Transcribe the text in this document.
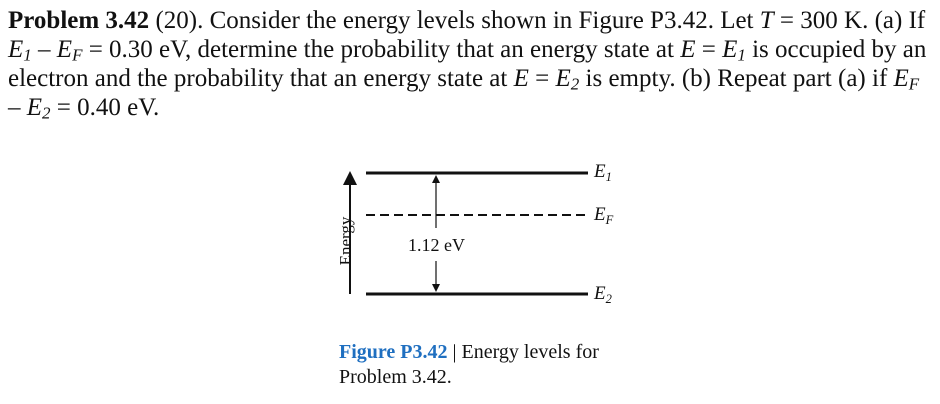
Problem 3.42 (20). Consider the energy levels shown in Figure P3.42. Let T = 300 K. (a) If $E_1 - E_F = 0.30$ eV, determine the probability that an energy state at $E = E_1$ is occupied by an electron and the probability that an energy state at $E = E_2$ is empty. (b) Repeat part (a) if $E_F - E_2 = 0.40$ eV.

$E_1$
$E_F$
$E_2$
1.12 eV
Energy

Figure P3.42 | Energy levels for Problem 3.42.
